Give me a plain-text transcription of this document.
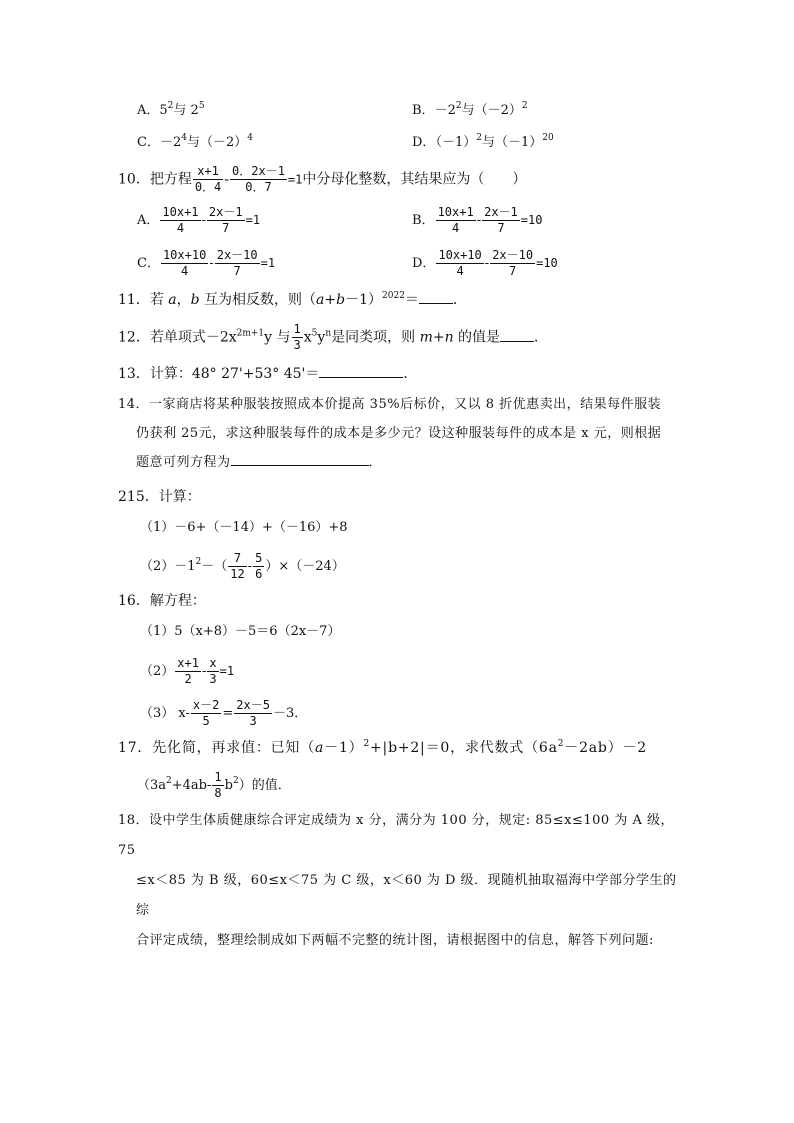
A．$5^2$与 $2^5$	B．$-2^2$与$(-2)^2$
C．$-2^4$与$(-2)^4$	D．$(-1)^2$与$(-1)^{20}$
10．把方程 $\frac{x+1}{0.4} - \frac{0.2x-1}{0.7} =1$中分母化整数，其结果应为（　　）
A． $\frac{10x+1}{4} - \frac{2x-1}{7} =1$	B． $\frac{10x+1}{4} - \frac{2x-1}{7} =10$
C． $\frac{10x+10}{4} - \frac{2x-10}{7} =1$	D． $\frac{10x+10}{4} - \frac{2x-10}{7} =10$
11．若 a，b 互为相反数，则$(a+b-1)^{2022}=$ ．
12．若单项式$-2x^{2m+1}y$ 与 $\frac{1}{3} x^5y^n$是同类项，则 m+n 的值是 ．
13．计算：48° 27'+53° 45'＝	．
14．一家商店将某种服装按照成本价提高 35%后标价，又以 8 折优惠卖出，结果每件服装
仍获利 25元，求这种服装每件的成本是多少元？设这种服装每件的成本是 x 元，则根据
题意可列方程为	．
215．计算：
（1）－6+（－14）+（－16）+8
$(2)-1^2-( \frac{7}{12} - \frac{5}{6} )\times(-24)$
16．解方程：
（1）5（x+8）－5＝6（2x－7）
$(2) \frac{x+1}{2} - \frac{x}{3} =1$
（3） $x- \frac{x-2}{5} = \frac{2x-5}{3} -3$．
17．先化简，再求值：已知$(a-1)^2+|b+2|=0$，求代数式$(6a^2-2ab)-2$
$(3a^2+4ab- \frac{1}{8} b^2)$的值．
18．设中学生体质健康综合评定成绩为 x 分，满分为 100 分，规定: 85≤x≤100 为 A 级，75
≤x＜85 为 B 级，60≤x＜75 为 C 级，x＜60 为 D 级．现随机抽取福海中学部分学生的综
合评定成绩，整理绘制成如下两幅不完整的统计图，请根据图中的信息，解答下列问题:
